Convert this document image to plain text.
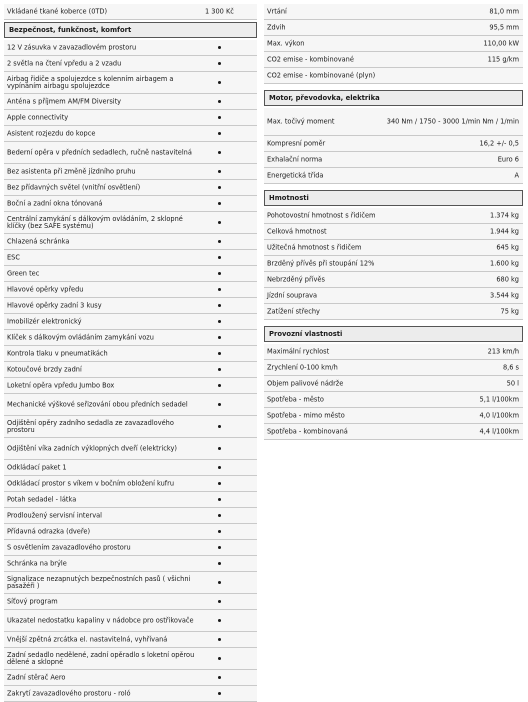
Vkládané tkané koberce (0TD)	1 300 Kč
Bezpečnost, funkčnost, komfort
12 V zásuvka v zavazadlovém prostoru
2 světla na čtení vpředu a 2 vzadu
Airbag řidiče a spolujezdce s kolenním airbagem a vypínáním airbagu spolujezdce
Anténa s příjmem AM/FM Diversity
Apple connectivity
Asistent rozjezdu do kopce
Bederní opěra v předních sedadlech, ručně nastavitelná
Bez asistenta při změně jízdního pruhu
Bez přídavných světel (vnitřní osvětlení)
Boční a zadní okna tónovaná
Centrální zamykání s dálkovým ovládáním, 2 sklopné klíčky (bez SAFE systému)
Chlazená schránka
ESC
Green tec
Hlavové opěrky vpředu
Hlavové opěrky zadní 3 kusy
Imobilizér elektronický
Klíček s dálkovým ovládáním zamykání vozu
Kontrola tlaku v pneumatikách
Kotoučové brzdy zadní
Loketní opěra vpředu Jumbo Box
Mechanické výškové seřizování obou předních sedadel
Odjištění opěry zadního sedadla ze zavazadlového prostoru
Odjištění víka zadních výklopných dveří (elektricky)
Odkládací paket 1
Odkládací prostor s víkem v bočním obložení kufru
Potah sedadel - látka
Prodloužený servisní interval
Přídavná odrazka (dveře)
S osvětlením zavazadlového prostoru
Schránka na brýle
Signalizace nezapnutých bezpečnostních pasů ( všichni pasažéři )
Síťový program
Ukazatel nedostatku kapaliny v nádobce pro ostřikovače
Vnější zpětná zrcátka el. nastavitelná, vyhřívaná
Zadní sedadlo nedělené, zadní opěradlo s loketní opěrou dělené a sklopné
Zadní stěrač Aero
Zakrytí zavazadlového prostoru - roló
Vrtání	81,0 mm
Zdvih	95,5 mm
Max. výkon	110,00 kW
CO2 emise - kombinované	115 g/km
CO2 emise - kombinované (plyn)
Motor, převodovka, elektrika
Max. točivý moment	340 Nm / 1750 - 3000 1/min Nm / 1/min
Kompresní poměr	16,2 +/- 0,5
Exhalační norma	Euro 6
Energetická třída	A
Hmotnosti
Pohotovostní hmotnost s řidičem	1.374 kg
Celková hmotnost	1.944 kg
Užitečná hmotnost s řidičem	645 kg
Brzděný přívěs při stoupání 12%	1.600 kg
Nebrzděný přívěs	680 kg
Jízdní souprava	3.544 kg
Zatížení střechy	75 kg
Provozní vlastnosti
Maximální rychlost	213 km/h
Zrychlení 0-100 km/h	8,6 s
Objem palivové nádrže	50 l
Spotřeba - město	5,1 l/100km
Spotřeba - mimo město	4,0 l/100km
Spotřeba - kombinovaná	4,4 l/100km
